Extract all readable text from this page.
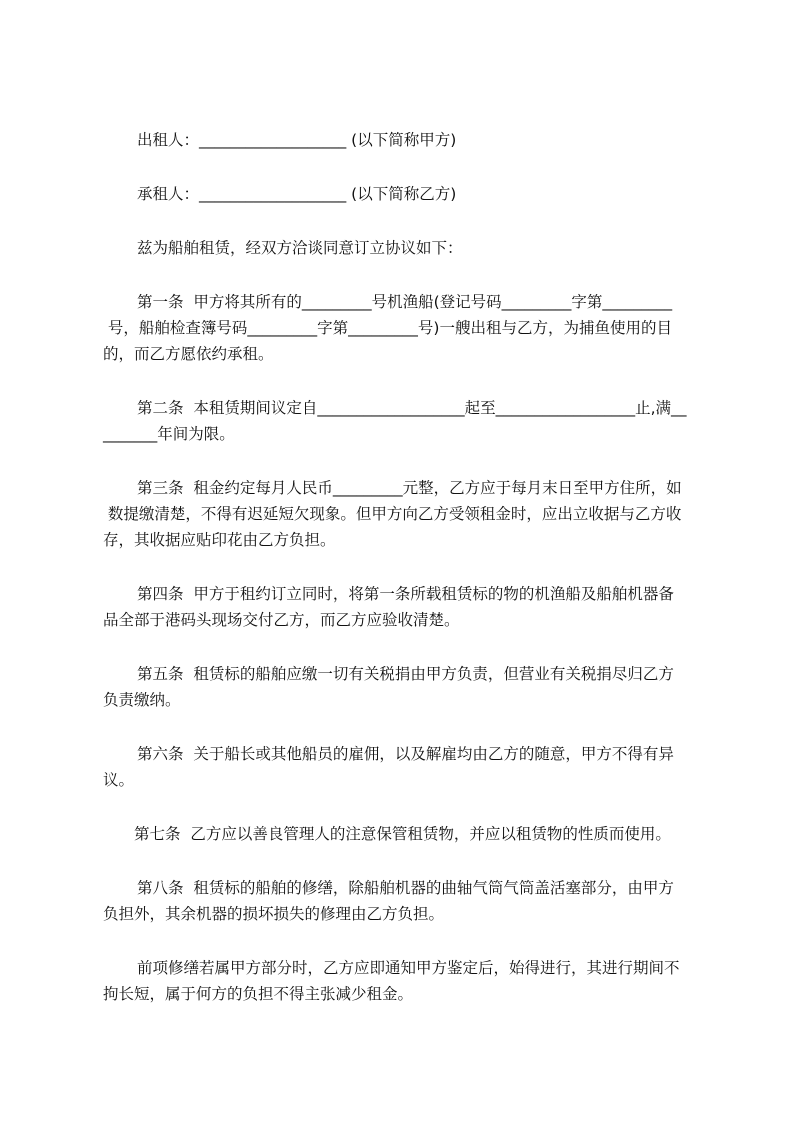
出租人：___________________ (以下简称甲方)

承租人：___________________ (以下简称乙方)

兹为船舶租赁，经双方洽谈同意订立协议如下：

第一条  甲方将其所有的_________号机渔船(登记号码_________字第_________

号，船舶检查簿号码_________字第_________号)一艘出租与乙方，为捕鱼使用的目

的，而乙方愿依约承租。

第二条  本租赁期间议定自___________________起至__________________止,满__

_______年间为限。

第三条  租金约定每月人民币_________元整，乙方应于每月末日至甲方住所，如

数提缴清楚，不得有迟延短欠现象。但甲方向乙方受领租金时，应出立收据与乙方收

存，其收据应贴印花由乙方负担。

第四条  甲方于租约订立同时，将第一条所载租赁标的物的机渔船及船舶机器备

品全部于港码头现场交付乙方，而乙方应验收清楚。

第五条  租赁标的船舶应缴一切有关税捐由甲方负责，但营业有关税捐尽归乙方

负责缴纳。

第六条  关于船长或其他船员的雇佣，以及解雇均由乙方的随意，甲方不得有异

议。

第七条  乙方应以善良管理人的注意保管租赁物，并应以租赁物的性质而使用。

第八条  租赁标的船舶的修缮，除船舶机器的曲轴气筒气筒盖活塞部分，由甲方

负担外，其余机器的损坏损失的修理由乙方负担。

前项修缮若属甲方部分时，乙方应即通知甲方鉴定后，始得进行，其进行期间不

拘长短，属于何方的负担不得主张减少租金。
